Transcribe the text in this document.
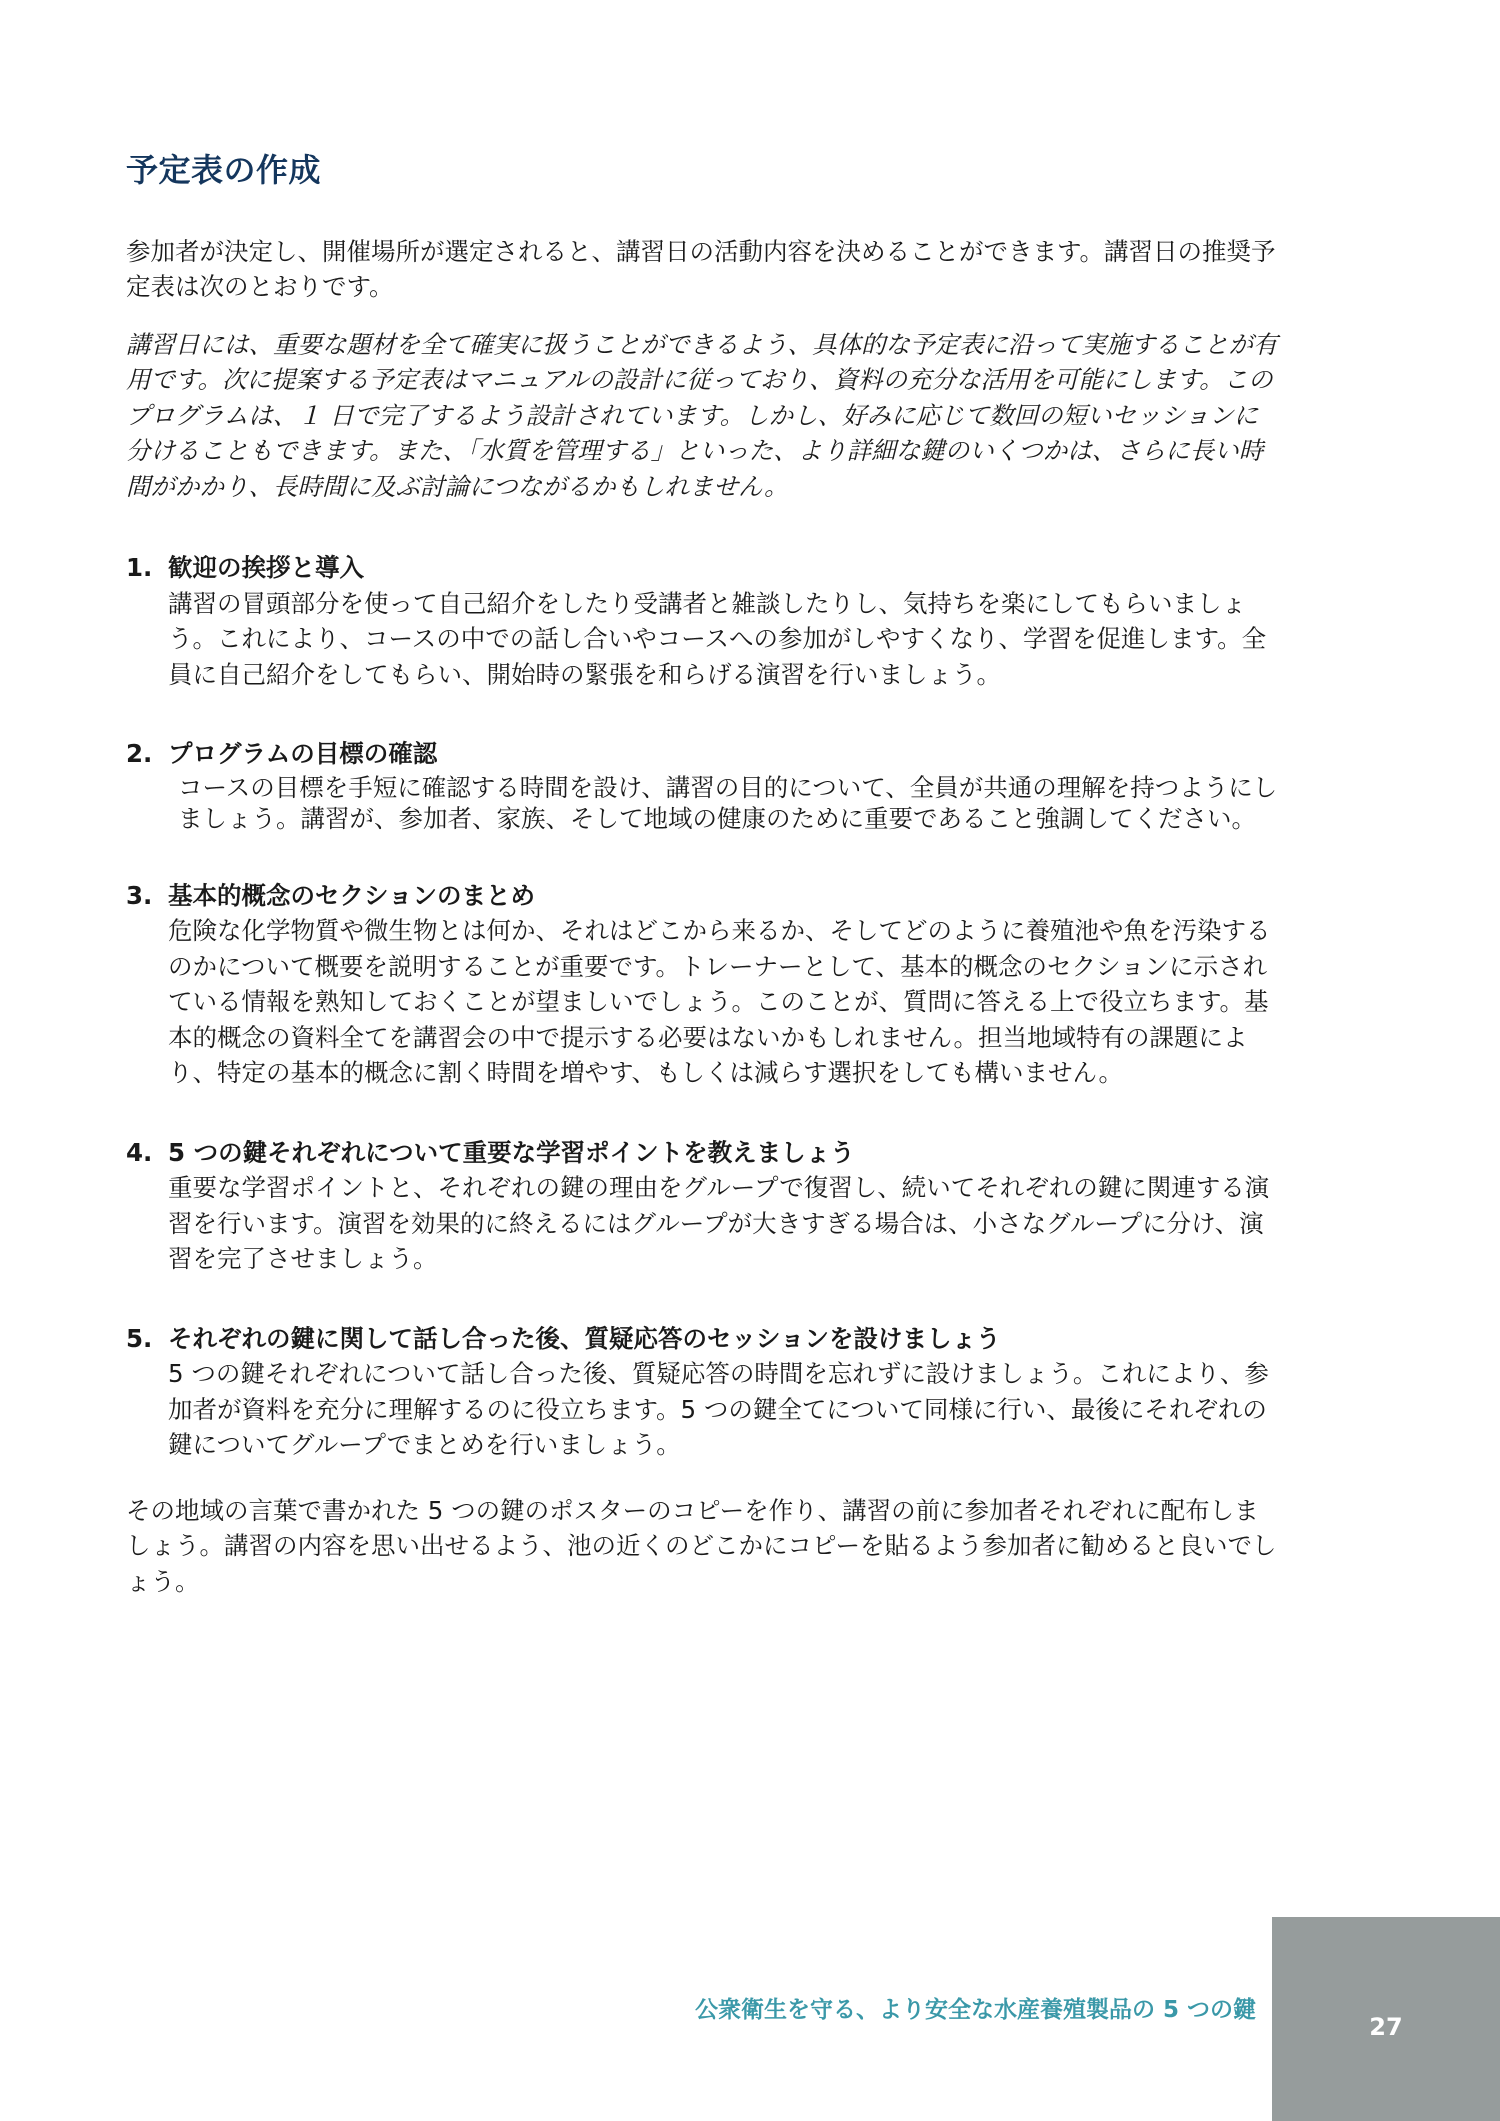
予定表の作成

参加者が決定し、開催場所が選定されると、講習日の活動内容を決めることができます。講習日の推奨予定表は次のとおりです。

講習日には、重要な題材を全て確実に扱うことができるよう、具体的な予定表に沿って実施することが有用です。次に提案する予定表はマニュアルの設計に従っており、資料の充分な活用を可能にします。このプログラムは、１ 日で完了するよう設計されています。しかし、好みに応じて数回の短いセッションに分けることもできます。また、「水質を管理する」といった、より詳細な鍵のいくつかは、さらに長い時間がかかり、長時間に及ぶ討論につながるかもしれません。

1. 歓迎の挨拶と導入
講習の冒頭部分を使って自己紹介をしたり受講者と雑談したりし、気持ちを楽にしてもらいましょう。これにより、コースの中での話し合いやコースへの参加がしやすくなり、学習を促進します。全員に自己紹介をしてもらい、開始時の緊張を和らげる演習を行いましょう。
2. プログラムの目標の確認
コースの目標を手短に確認する時間を設け、講習の目的について、全員が共通の理解を持つようにしましょう。講習が、参加者、家族、そして地域の健康のために重要であること強調してください。
3. 基本的概念のセクションのまとめ
危険な化学物質や微生物とは何か、それはどこから来るか、そしてどのように養殖池や魚を汚染するのかについて概要を説明することが重要です。トレーナーとして、基本的概念のセクションに示されている情報を熟知しておくことが望ましいでしょう。このことが、質問に答える上で役立ちます。基本的概念の資料全てを講習会の中で提示する必要はないかもしれません。担当地域特有の課題により、特定の基本的概念に割く時間を増やす、もしくは減らす選択をしても構いません。
4. 5 つの鍵それぞれについて重要な学習ポイントを教えましょう
重要な学習ポイントと、それぞれの鍵の理由をグループで復習し、続いてそれぞれの鍵に関連する演習を行います。演習を効果的に終えるにはグループが大きすぎる場合は、小さなグループに分け、演習を完了させましょう。
5. それぞれの鍵に関して話し合った後、質疑応答のセッションを設けましょう
5 つの鍵それぞれについて話し合った後、質疑応答の時間を忘れずに設けましょう。これにより、参加者が資料を充分に理解するのに役立ちます。5 つの鍵全てについて同様に行い、最後にそれぞれの鍵についてグループでまとめを行いましょう。

その地域の言葉で書かれた 5 つの鍵のポスターのコピーを作り、講習の前に参加者それぞれに配布しましょう。講習の内容を思い出せるよう、池の近くのどこかにコピーを貼るよう参加者に勧めると良いでしょう。

公衆衛生を守る、より安全な水産養殖製品の 5 つの鍵
27
